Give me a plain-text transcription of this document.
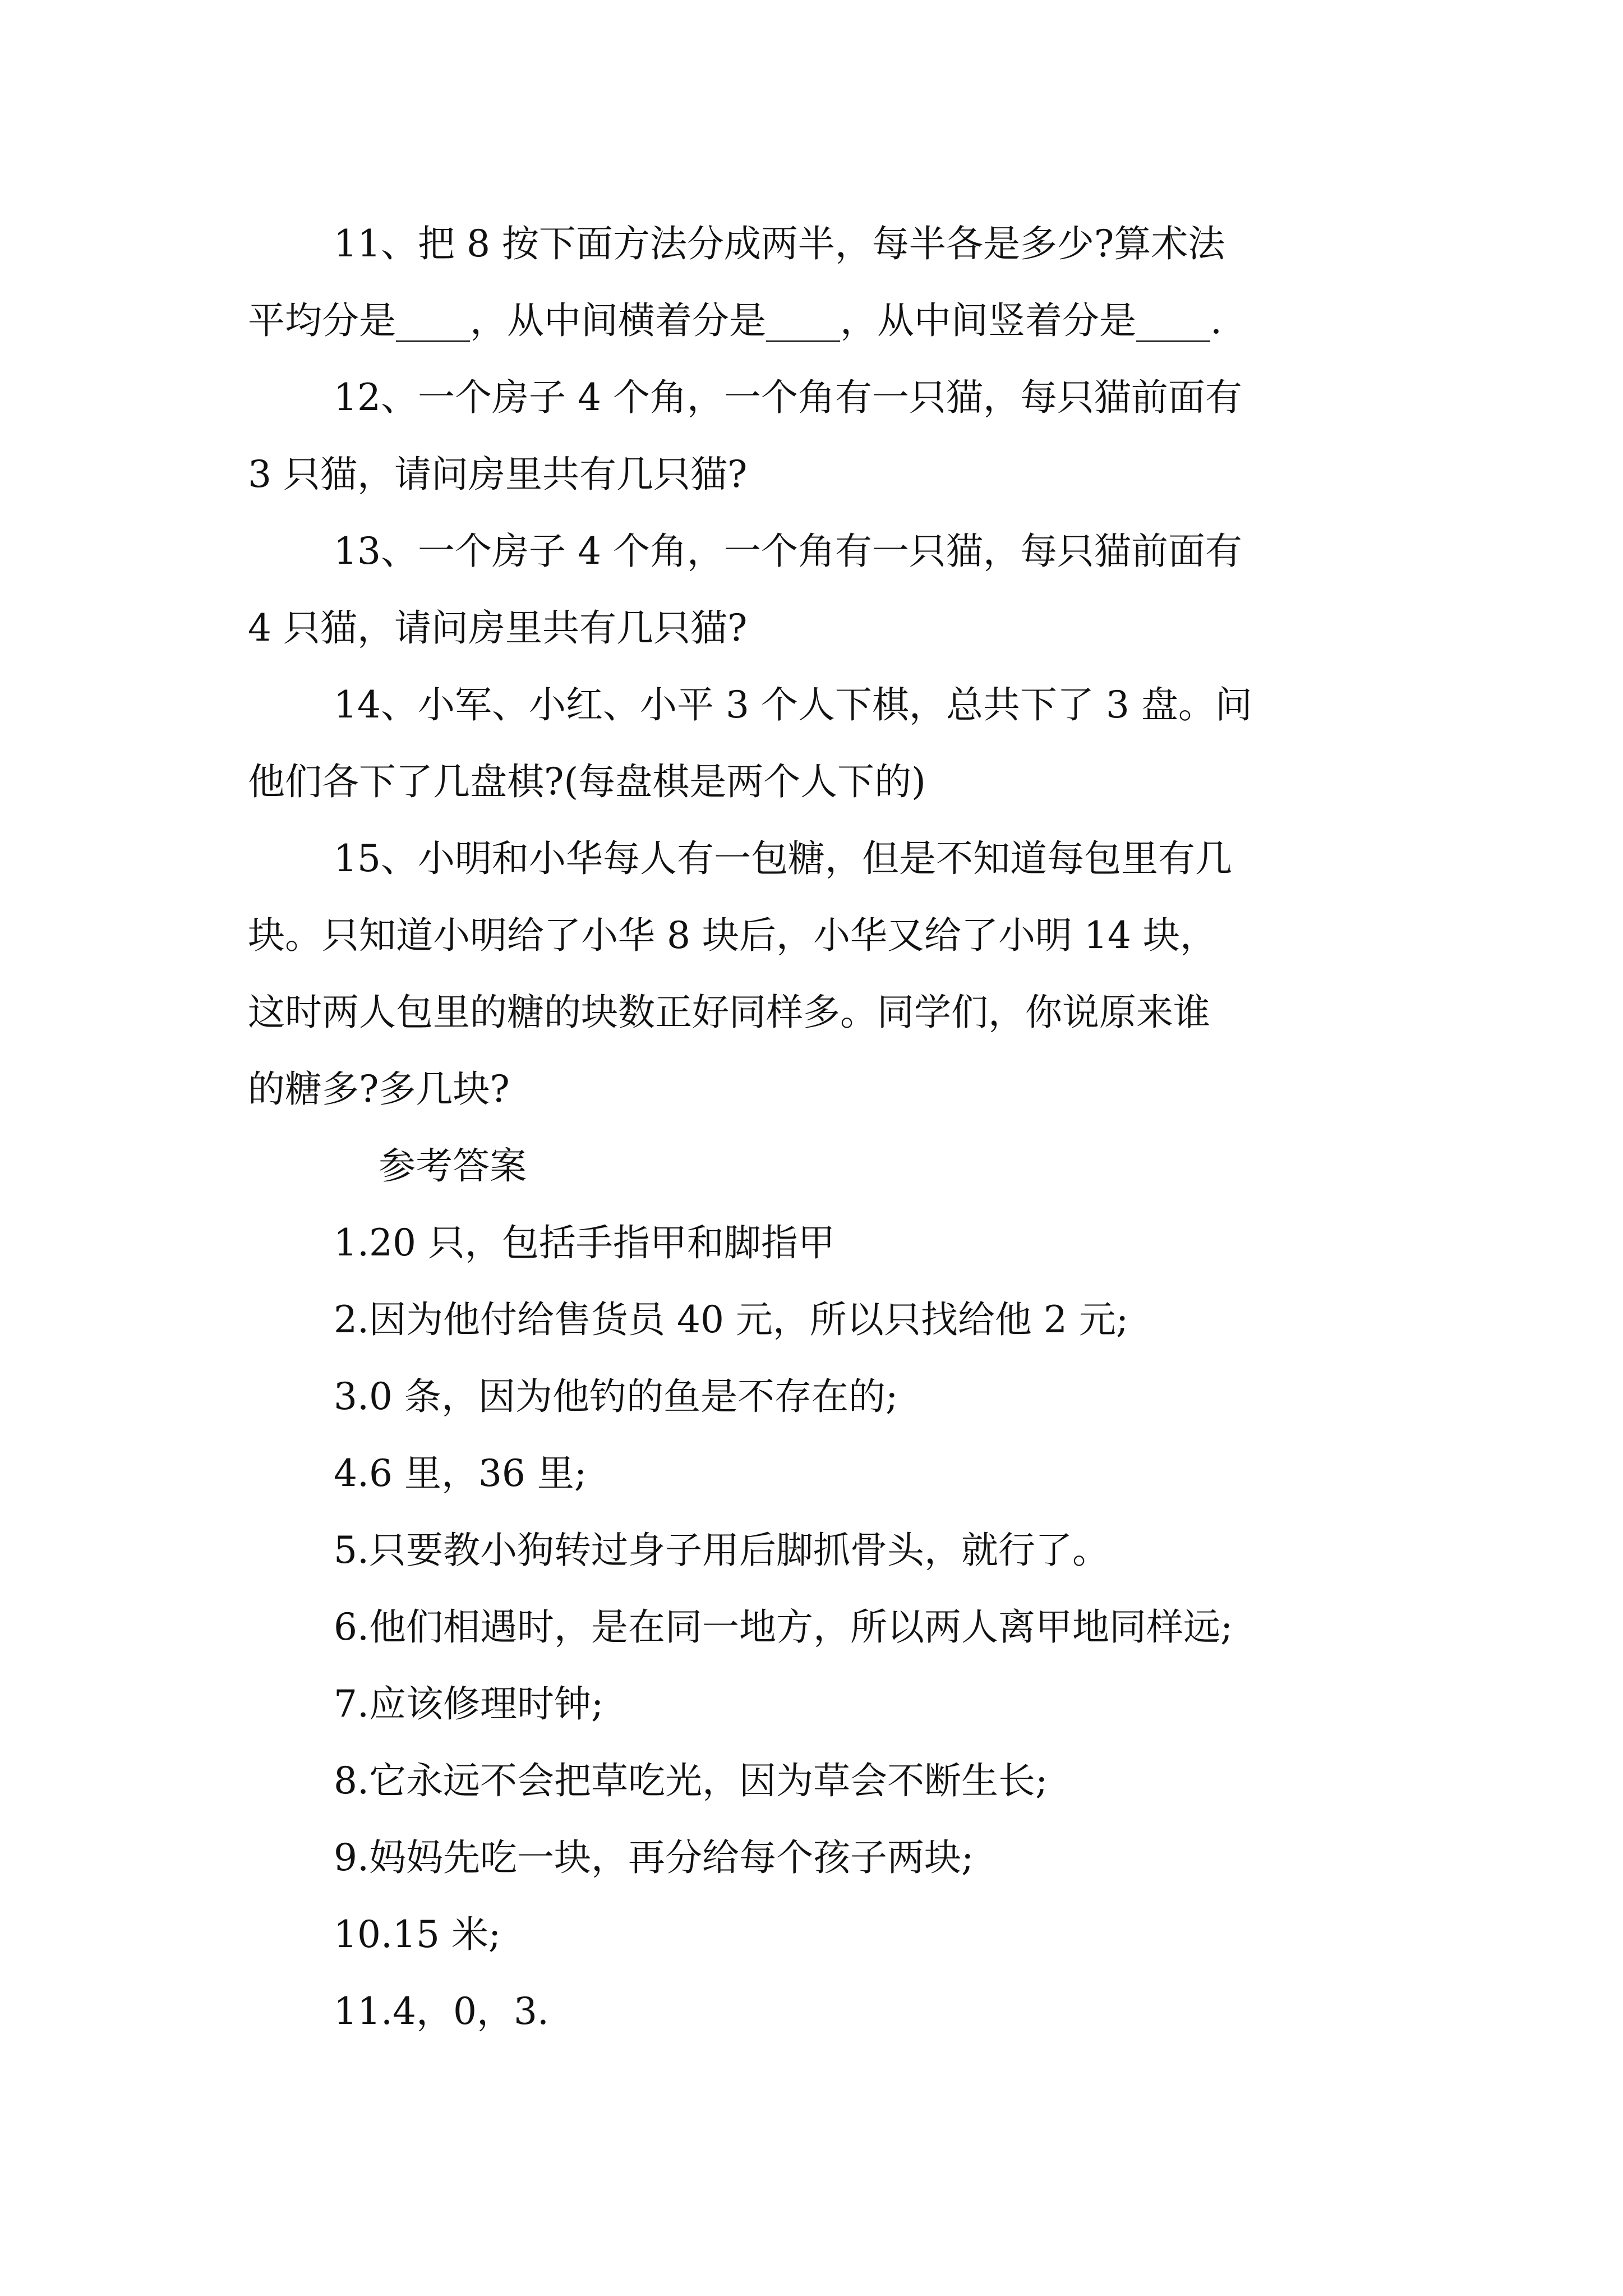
11、把 8 按下面方法分成两半，每半各是多少?算术法
平均分是____，从中间横着分是____，从中间竖着分是____.
12、一个房子 4 个角，一个角有一只猫，每只猫前面有
3 只猫，请问房里共有几只猫?
13、一个房子 4 个角，一个角有一只猫，每只猫前面有
4 只猫，请问房里共有几只猫?
14、小军、小红、小平 3 个人下棋，总共下了 3 盘。问
他们各下了几盘棋?(每盘棋是两个人下的)
15、小明和小华每人有一包糖，但是不知道每包里有几
块。只知道小明给了小华 8 块后，小华又给了小明 14 块，
这时两人包里的糖的块数正好同样多。同学们，你说原来谁
的糖多?多几块?
参考答案
1.20 只，包括手指甲和脚指甲
2.因为他付给售货员 40 元，所以只找给他 2 元;
3.0 条，因为他钓的鱼是不存在的;
4.6 里，36 里;
5.只要教小狗转过身子用后脚抓骨头，就行了。
6.他们相遇时，是在同一地方，所以两人离甲地同样远;
7.应该修理时钟;
8.它永远不会把草吃光，因为草会不断生长;
9.妈妈先吃一块，再分给每个孩子两块;
10.15 米;
11.4，0，3.
